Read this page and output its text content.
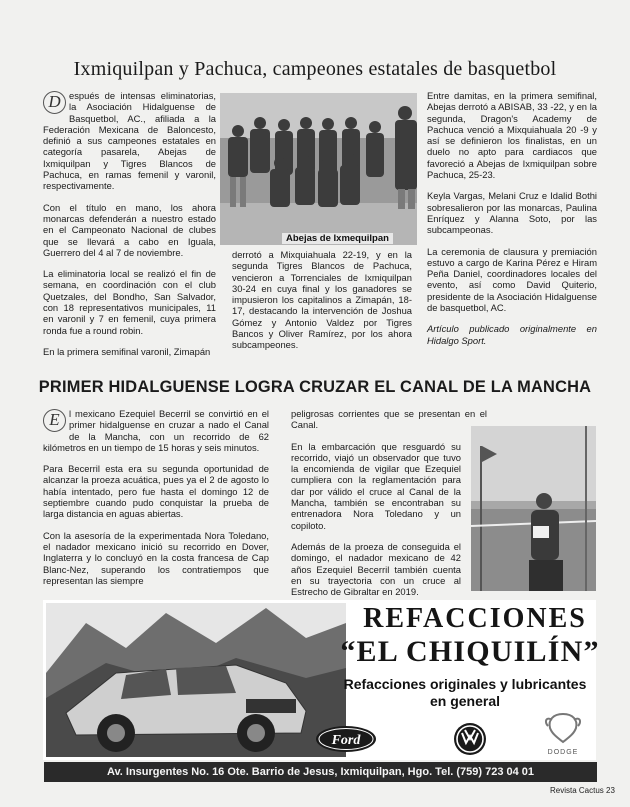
Ixmiquilpan y Pachuca, campeones estatales de basquetbol

D espués de intensas eliminatorias, la Asociación Hidalguense de Basquetbol, AC., afiliada a la Federación Mexicana de Baloncesto, definió a sus campeones estatales en categoría pasarela, Abejas de Ixmiquilpan y Tigres Blancos de Pachuca, en ramas femenil y varonil, respectivamente.

Con el título en mano, los ahora monarcas defenderán a nuestro estado en el Campeonato Nacional de clubes que se llevará a cabo en Iguala, Guerrero del 4 al 7 de noviembre.

La eliminatoria local se realizó el fin de semana, en coordinación con el club Quetzales, del Bondho, San Salvador, con 18 representativos municipales, 11 en varonil y 7 en femenil, cuya primera ronda fue a round robin.

En la primera semifinal varonil, Zimapán

Abejas de Ixmequilpan

derrotó a Mixquiahuala 22-19, y en la segunda Tigres Blancos de Pachuca, vencieron a Torrenciales de Ixmiquilpan 30-24 en cuya final y los ganadores se impusieron los capitalinos a Zimapán, 18-17, destacando la intervención de Joshua Gómez y Antonio Valdez por Tigres Bancos y Oliver Ramírez, por los ahora subcampeones.

Entre damitas, en la primera semifinal, Abejas derrotó a ABISAB, 33 -22, y en la segunda, Dragon's Academy de Pachuca venció a Mixquiahuala 20 -9 y así se definieron los finalistas, en un duelo no apto para cardiacos que favoreció a Abejas de Ixmiquilpan sobre Pachuca, 25-23.

Keyla Vargas, Melani Cruz e Idalid Bothi sobresalieron por las monarcas, Paulina Enríquez y Alanna Soto, por las subcampeonas.

La ceremonia de clausura y premiación estuvo a cargo de Karina Pérez e Hiram Peña Daniel, coordinadores locales del evento, así como David Quiterio, presidente de la Asociación Hidalguense de basquetbol, AC.

Artículo publicado originalmente en Hidalgo Sport.

PRIMER HIDALGUENSE LOGRA CRUZAR EL CANAL DE LA MANCHA

E l mexicano Ezequiel Becerril se convirtió en el primer hidalguense en cruzar a nado el Canal de la Mancha, con un recorrido de 62 kilómetros en un tiempo de 15 horas y seis minutos.

Para Becerril esta era su segunda oportunidad de alcanzar la proeza acuática, pues ya el 2 de agosto lo había intentado, pero fue hasta el domingo 12 de septiembre cuando pudo conquistar la prueba de larga distancia en aguas abiertas.

Con la asesoría de la experimentada Nora Toledano, el nadador mexicano inició su recorrido en Dover, Inglaterra y lo concluyó en la costa francesa de Cap Blanc-Nez, superando los contratiempos que representan las siempre

peligrosas corrientes que se presentan en el Canal.

En la embarcación que resguardó su recorrido, viajó un observador que tuvo la encomienda de vigilar que Ezequiel cumpliera con la reglamentación para dar por válido el cruce al Canal de la Mancha, también se encontraban su entrenadora Nora Toledano y un copiloto.

Además de la proeza de conseguida el domingo, el nadador mexicano de 42 años Ezequiel Becerril también cuenta en su trayectoria con un cruce al Estrecho de Gibraltar en 2019.

REFACCIONES
“EL CHIQUILÍN”
Refacciones originales y lubricantes en general
Ford
DODGE
Av. Insurgentes No. 16 Ote. Barrio de Jesus, Ixmiquilpan, Hgo. Tel. (759) 723 04 01
Revista Cactus 23
